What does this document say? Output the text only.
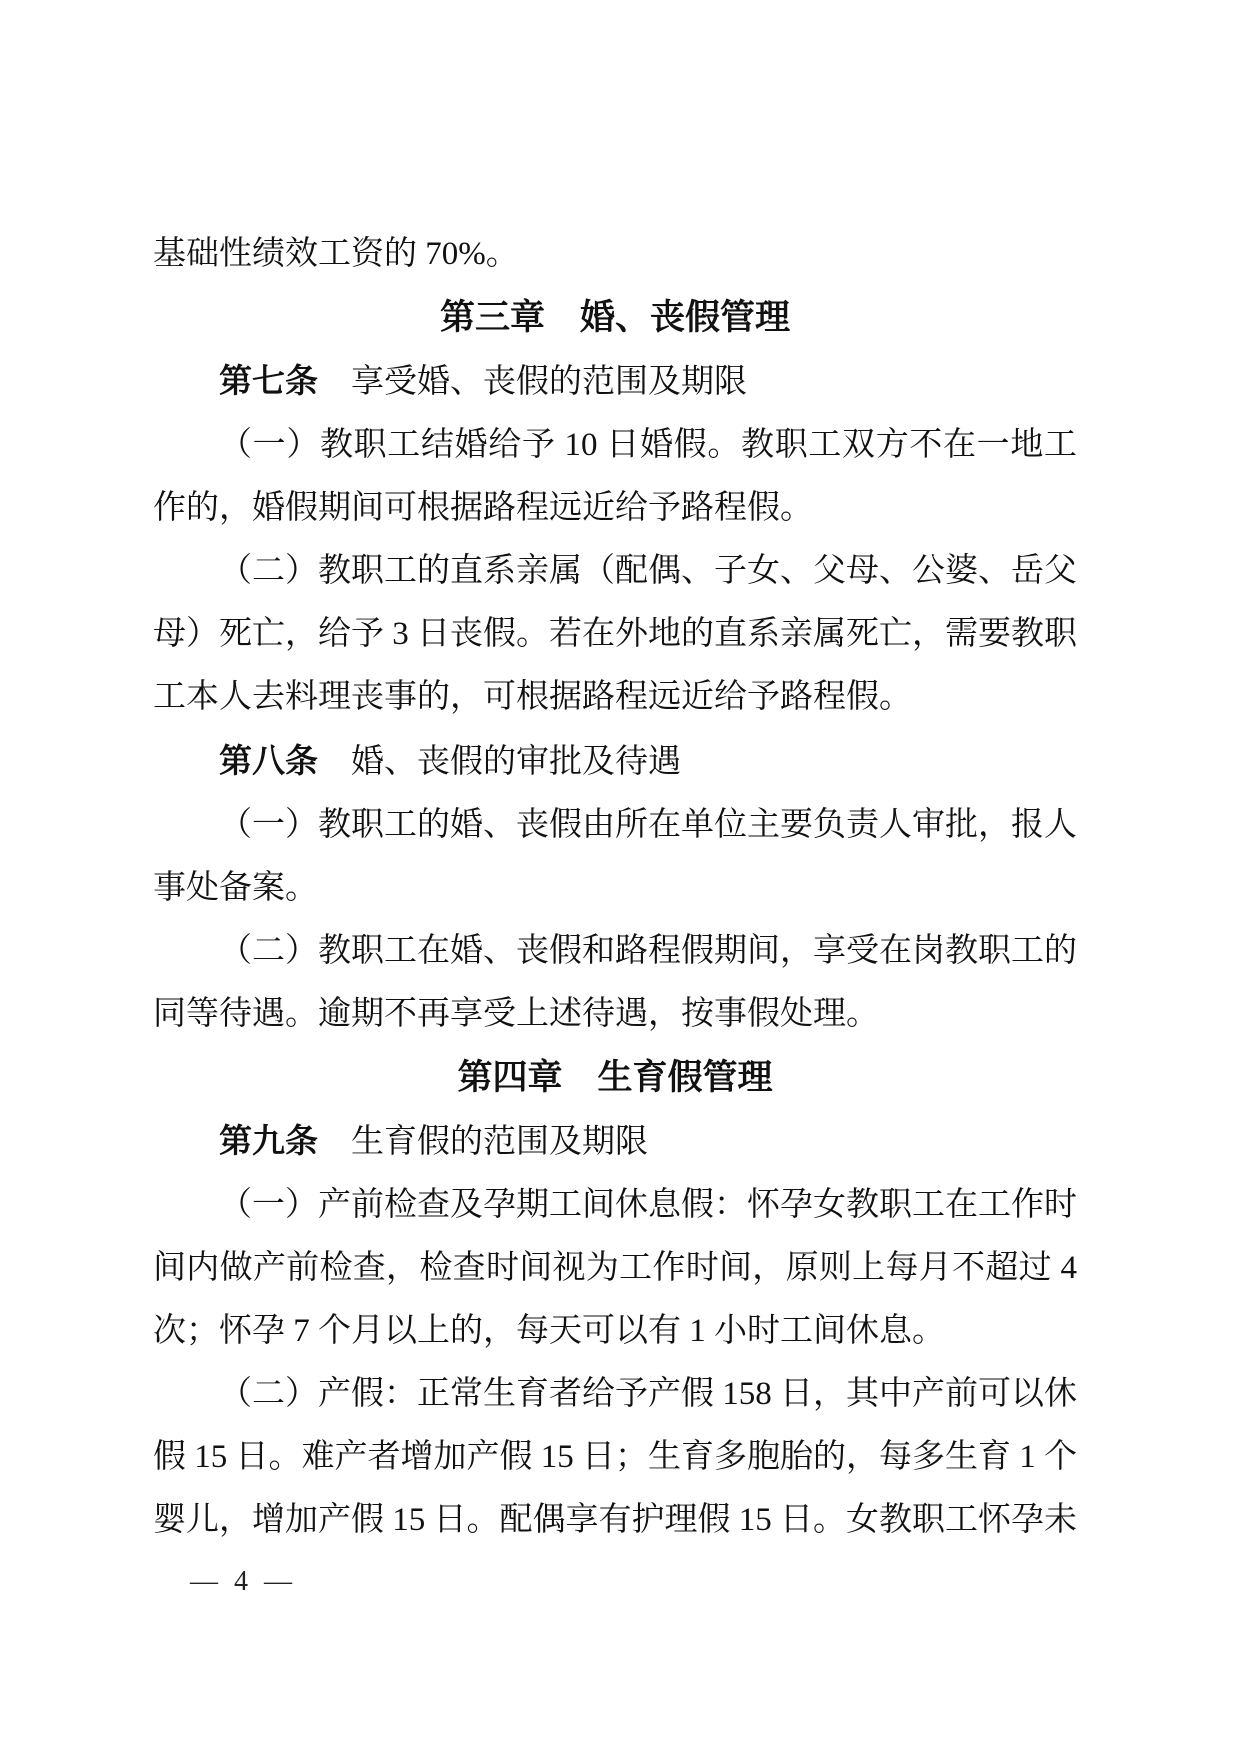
基础性绩效工资的 70%。

第三章 婚、丧假管理

第七条 享受婚、丧假的范围及期限

（一）教职工结婚给予 10 日婚假。教职工双方不在一地工作的，婚假期间可根据路程远近给予路程假。

（二）教职工的直系亲属（配偶、子女、父母、公婆、岳父母）死亡，给予 3 日丧假。若在外地的直系亲属死亡，需要教职工本人去料理丧事的，可根据路程远近给予路程假。

第八条 婚、丧假的审批及待遇

（一）教职工的婚、丧假由所在单位主要负责人审批，报人事处备案。

（二）教职工在婚、丧假和路程假期间，享受在岗教职工的同等待遇。逾期不再享受上述待遇，按事假处理。

第四章 生育假管理

第九条 生育假的范围及期限

（一）产前检查及孕期工间休息假：怀孕女教职工在工作时间内做产前检查，检查时间视为工作时间，原则上每月不超过 4 次；怀孕 7 个月以上的，每天可以有 1 小时工间休息。

（二）产假：正常生育者给予产假 158 日，其中产前可以休假 15 日。难产者增加产假 15 日；生育多胞胎的，每多生育 1 个婴儿，增加产假 15 日。配偶享有护理假 15 日。女教职工怀孕未

— 4 —
